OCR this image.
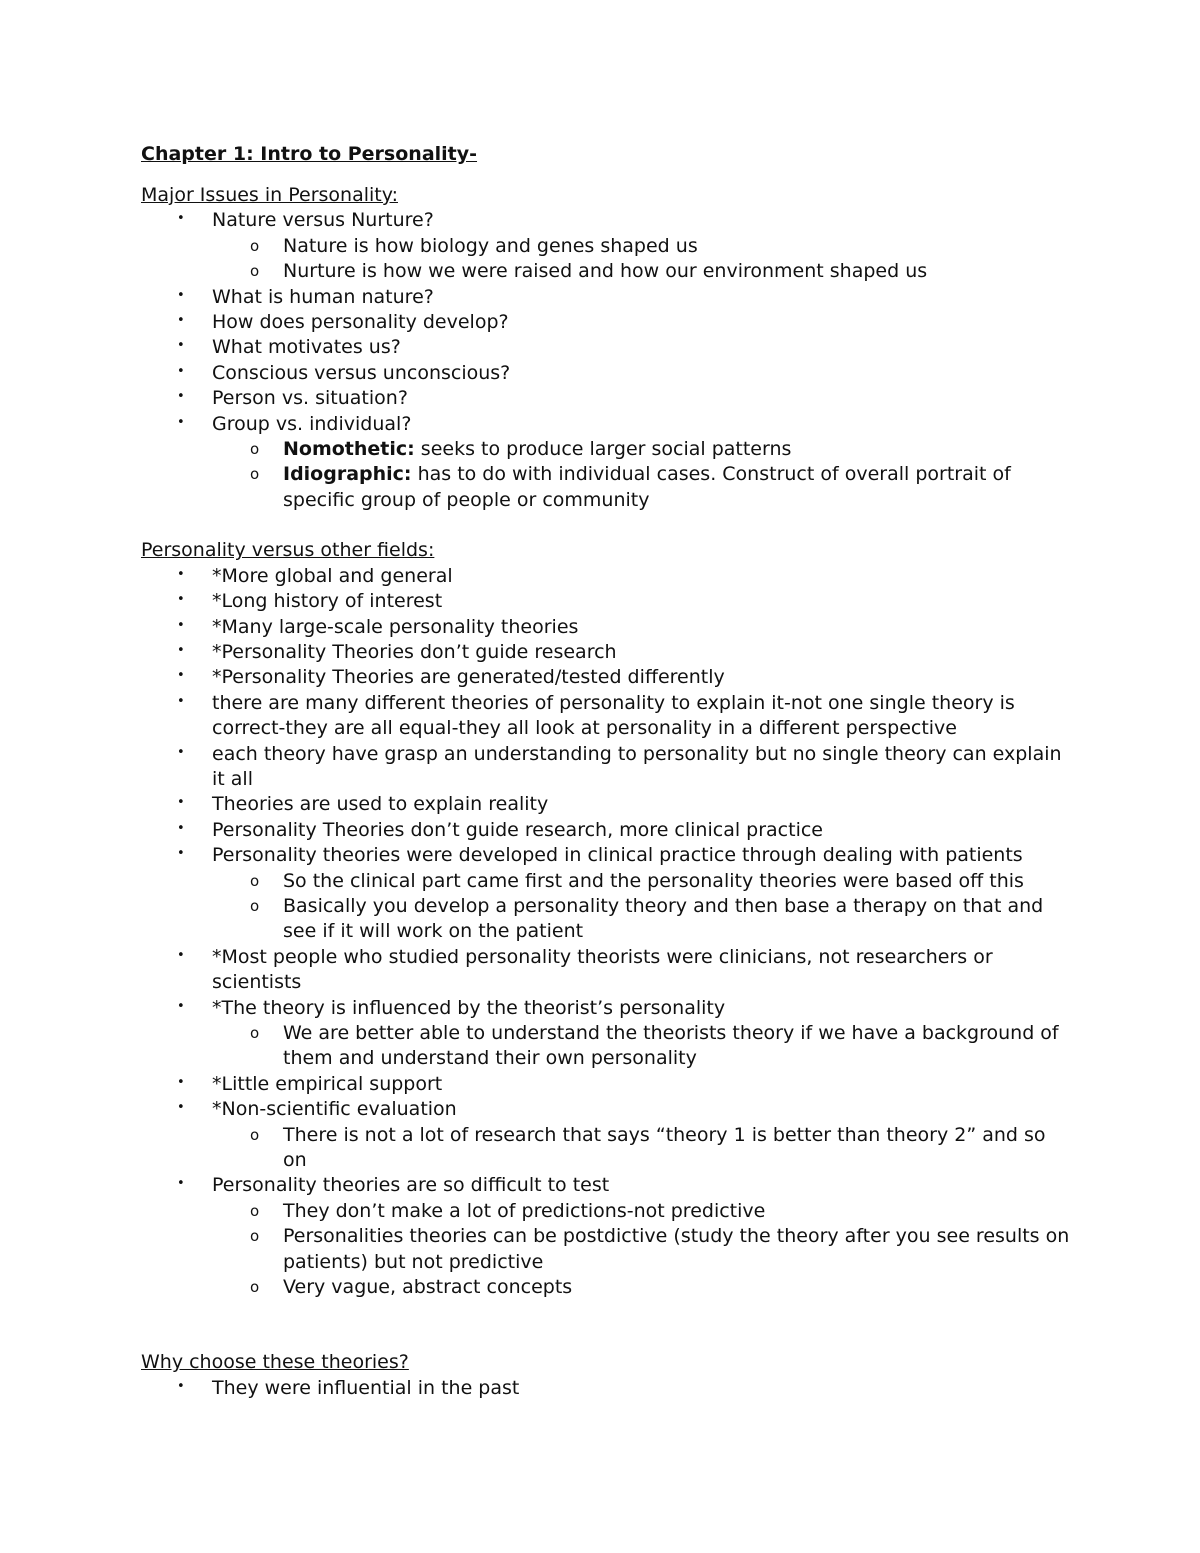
Chapter 1: Intro to Personality-
Major Issues in Personality:
• Nature versus Nurture?
o Nature is how biology and genes shaped us
o Nurture is how we were raised and how our environment shaped us
• What is human nature?
• How does personality develop?
• What motivates us?
• Conscious versus unconscious?
• Person vs. situation?
• Group vs. individual?
o Nomothetic: seeks to produce larger social patterns
o Idiographic: has to do with individual cases. Construct of overall portrait of specific group of people or community
Personality versus other fields:
• *More global and general
• *Long history of interest
• *Many large-scale personality theories
• *Personality Theories don’t guide research
• *Personality Theories are generated/tested differently
• there are many different theories of personality to explain it-not one single theory is correct-they are all equal-they all look at personality in a different perspective
• each theory have grasp an understanding to personality but no single theory can explain it all
• Theories are used to explain reality
• Personality Theories don’t guide research, more clinical practice
• Personality theories were developed in clinical practice through dealing with patients
o So the clinical part came first and the personality theories were based off this
o Basically you develop a personality theory and then base a therapy on that and see if it will work on the patient
• *Most people who studied personality theorists were clinicians, not researchers or scientists
• *The theory is influenced by the theorist’s personality
o We are better able to understand the theorists theory if we have a background of them and understand their own personality
• *Little empirical support
• *Non-scientific evaluation
o There is not a lot of research that says “theory 1 is better than theory 2” and so on
• Personality theories are so difficult to test
o They don’t make a lot of predictions-not predictive
o Personalities theories can be postdictive (study the theory after you see results on patients) but not predictive
o Very vague, abstract concepts
Why choose these theories?
• They were influential in the past
